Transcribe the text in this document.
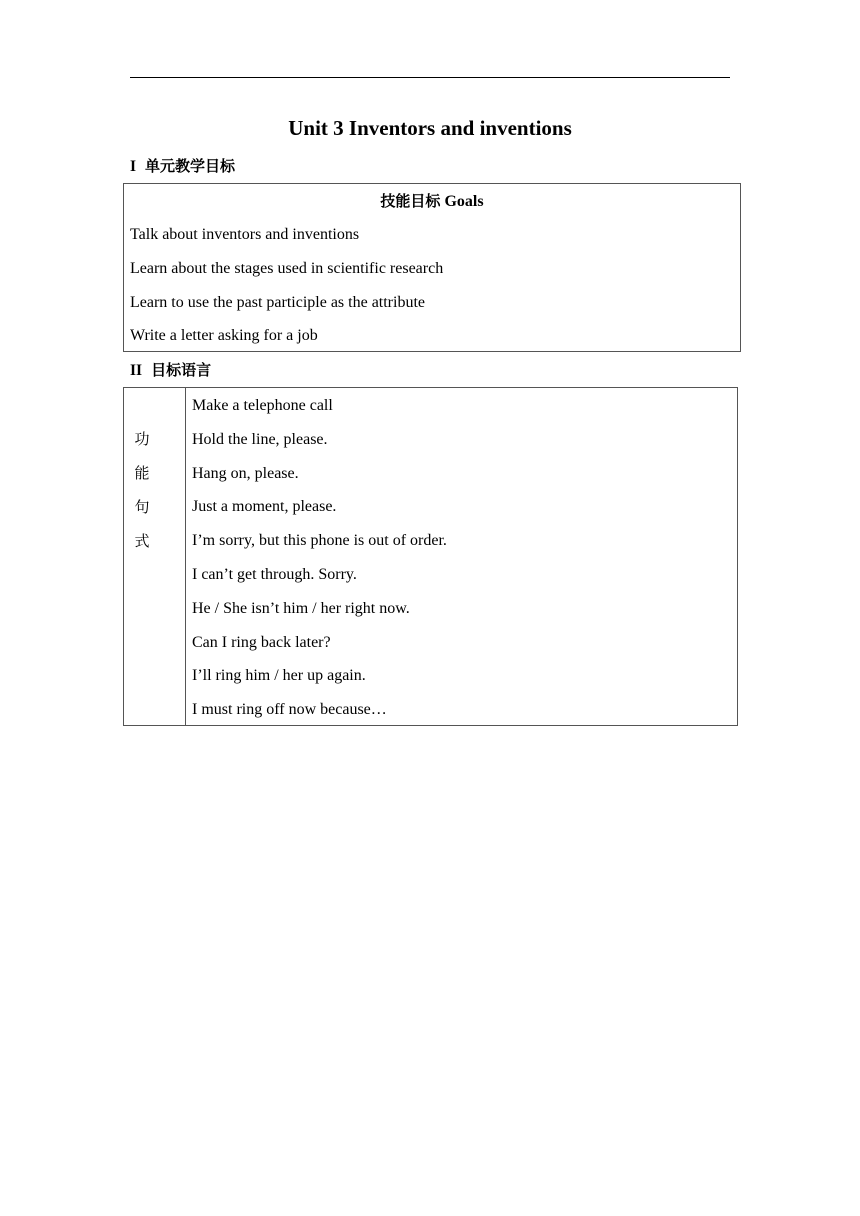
Unit 3 Inventors and inventions
I 单元教学目标
技能目标 Goals
Talk about inventors and inventions
Learn about the stages used in scientific research
Learn to use the past participle as the attribute
Write a letter asking for a job
II 目标语言
功
能
句
式
Make a telephone call
Hold the line, please.
Hang on, please.
Just a moment, please.
I’m sorry, but this phone is out of order.
I can’t get through. Sorry.
He / She isn’t him / her right now.
Can I ring back later?
I’ll ring him / her up again.
I must ring off now because…
